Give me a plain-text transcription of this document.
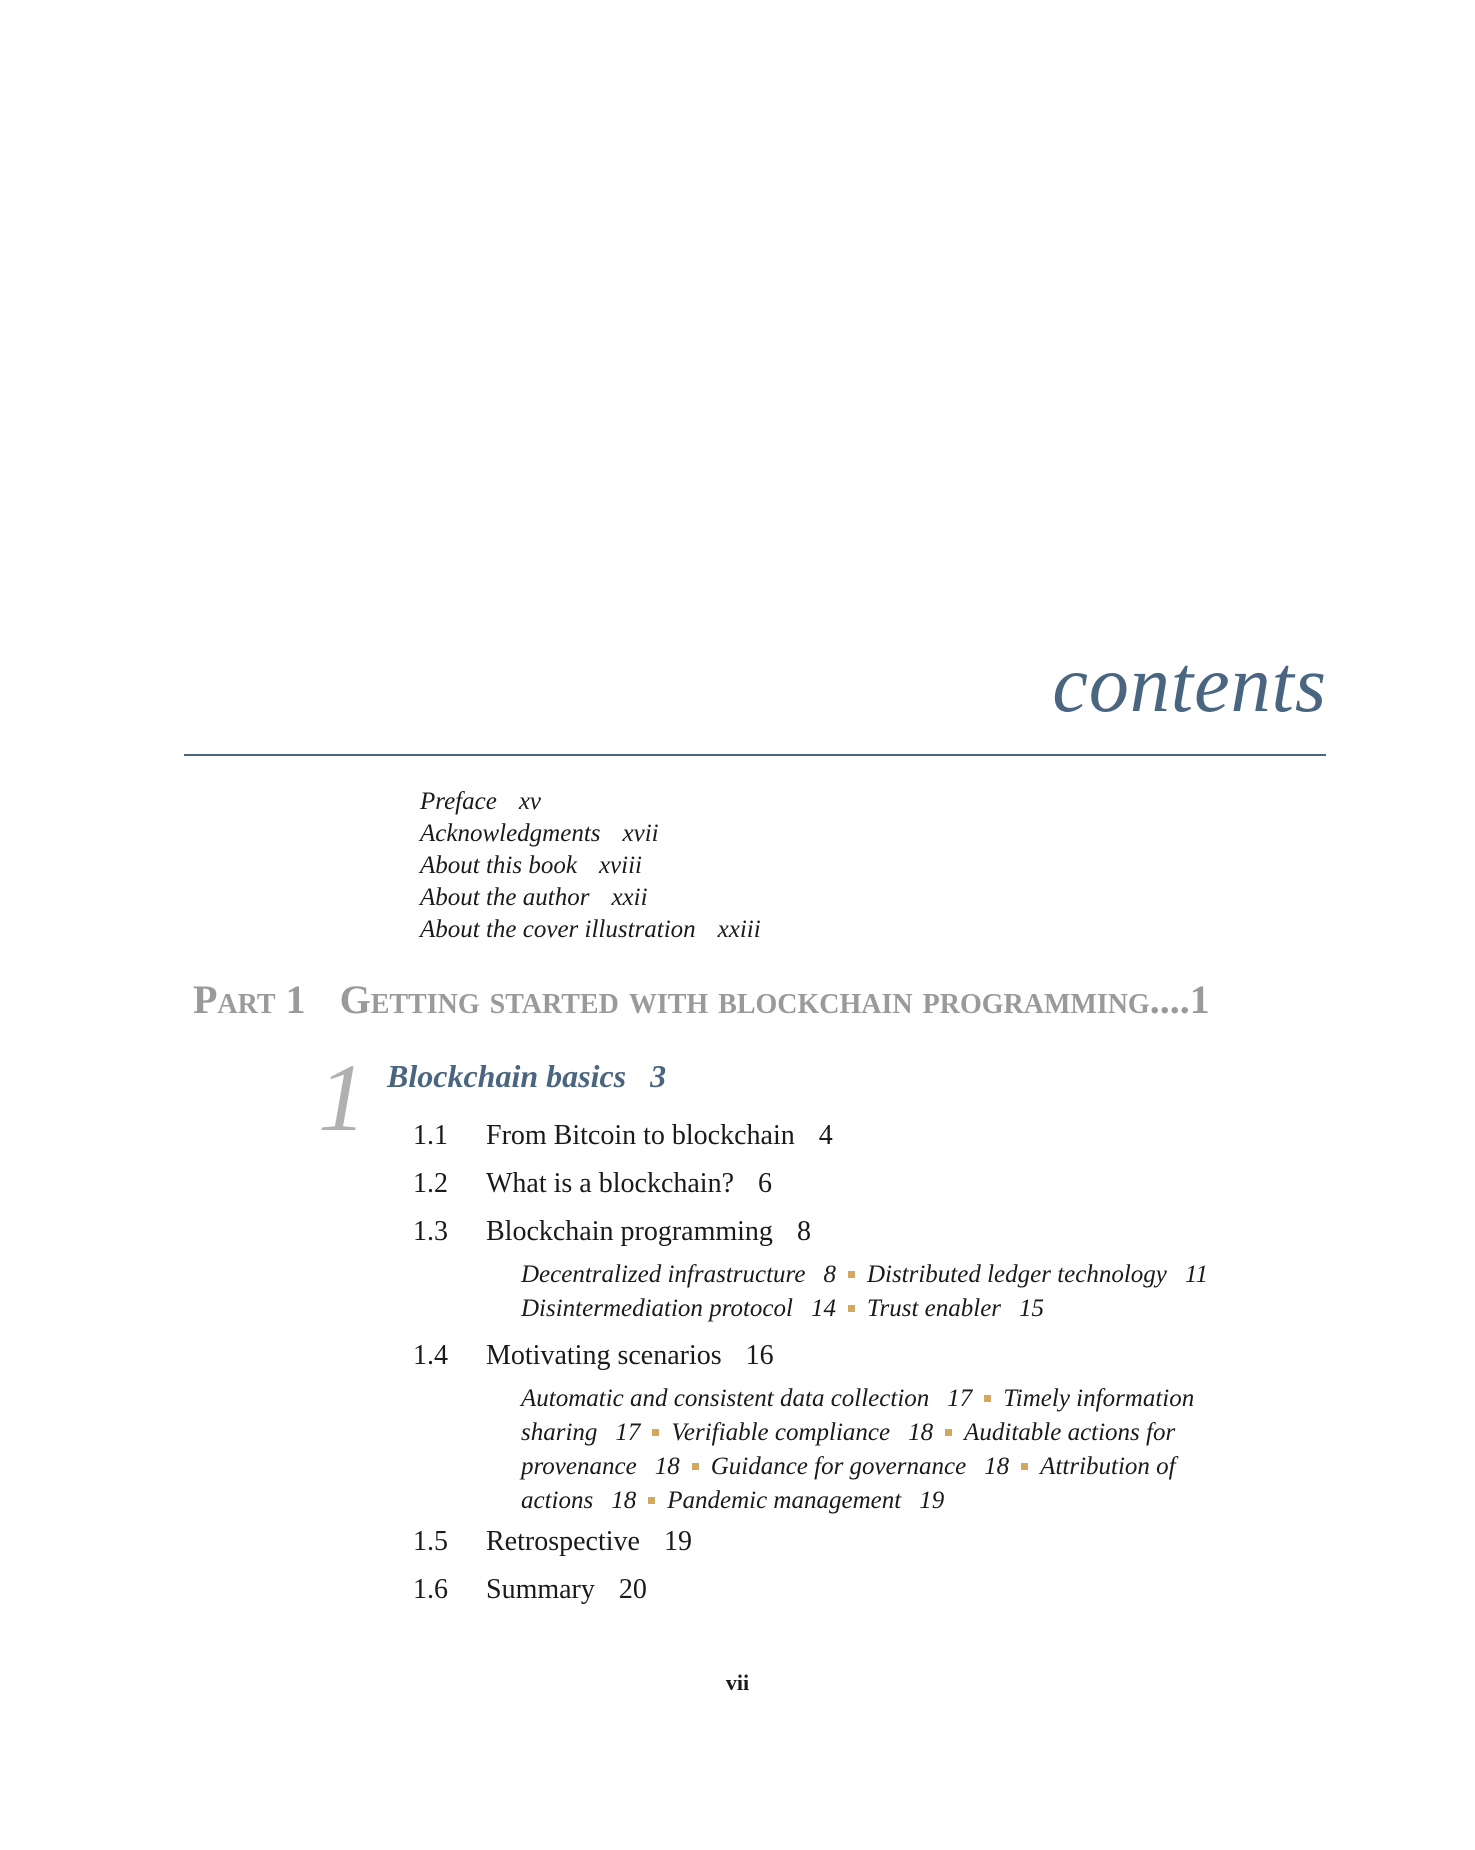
contents
Preface xv
Acknowledgments xvii
About this book xviii
About the author xxii
About the cover illustration xxiii
Part 1 Getting started with blockchain programming....1
1 Blockchain basics 3
1.1 From Bitcoin to blockchain 4
1.2 What is a blockchain? 6
1.3 Blockchain programming 8
Decentralized infrastructure 8 Distributed ledger technology 11
Disintermediation protocol 14 Trust enabler 15
1.4 Motivating scenarios 16
Automatic and consistent data collection 17 Timely information
sharing 17 Verifiable compliance 18 Auditable actions for
provenance 18 Guidance for governance 18 Attribution of
actions 18 Pandemic management 19
1.5 Retrospective 19
1.6 Summary 20
vii
